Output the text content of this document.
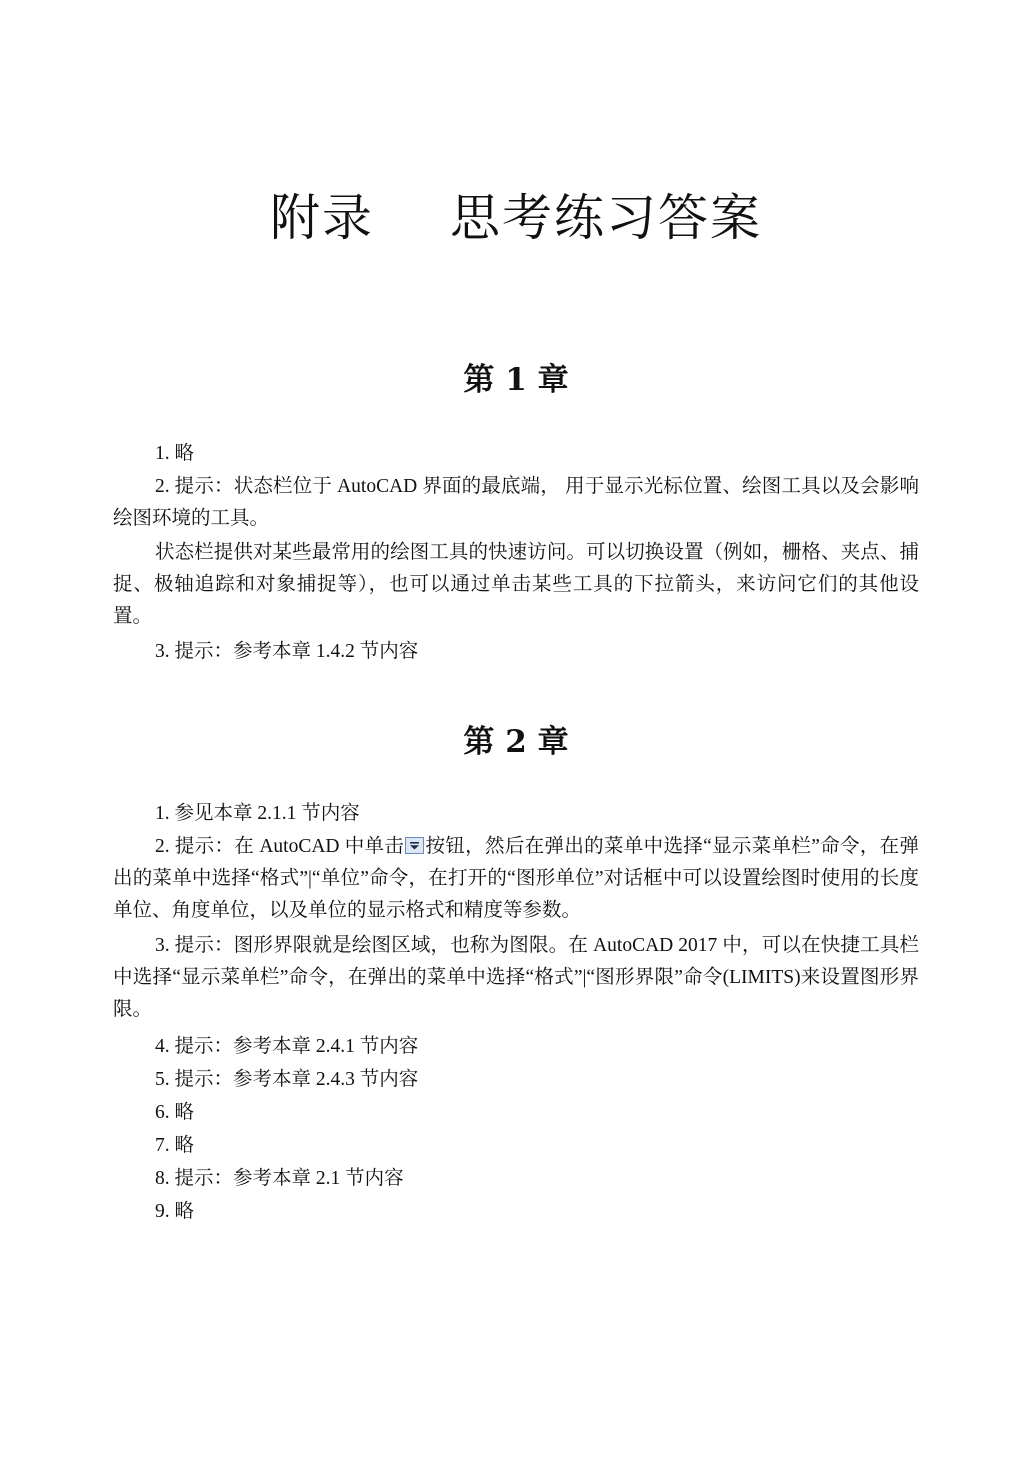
附录 思考练习答案
第 1 章

1. 略

2. 提示：状态栏位于 AutoCAD 界面的最底端， 用于显示光标位置、绘图工具以及会影响绘图环境的工具。

状态栏提供对某些最常用的绘图工具的快速访问。可以切换设置（例如，栅格、夹点、捕捉、极轴追踪和对象捕捉等），也可以通过单击某些工具的下拉箭头，来访问它们的其他设置。

3. 提示：参考本章 1.4.2 节内容

第 2 章

1. 参见本章 2.1.1 节内容

2. 提示：在 AutoCAD 中单击 按钮，然后在弹出的菜单中选择“显示菜单栏”命令，在弹出的菜单中选择“格式”|“单位”命令，在打开的“图形单位”对话框中可以设置绘图时使用的长度单位、角度单位，以及单位的显示格式和精度等参数。

3. 提示：图形界限就是绘图区域，也称为图限。在 AutoCAD 2017 中，可以在快捷工具栏中选择“显示菜单栏”命令，在弹出的菜单中选择“格式”|“图形界限”命令(LIMITS)来设置图形界限。

4. 提示：参考本章 2.4.1 节内容

5. 提示：参考本章 2.4.3 节内容

6. 略

7. 略

8. 提示：参考本章 2.1 节内容

9. 略
